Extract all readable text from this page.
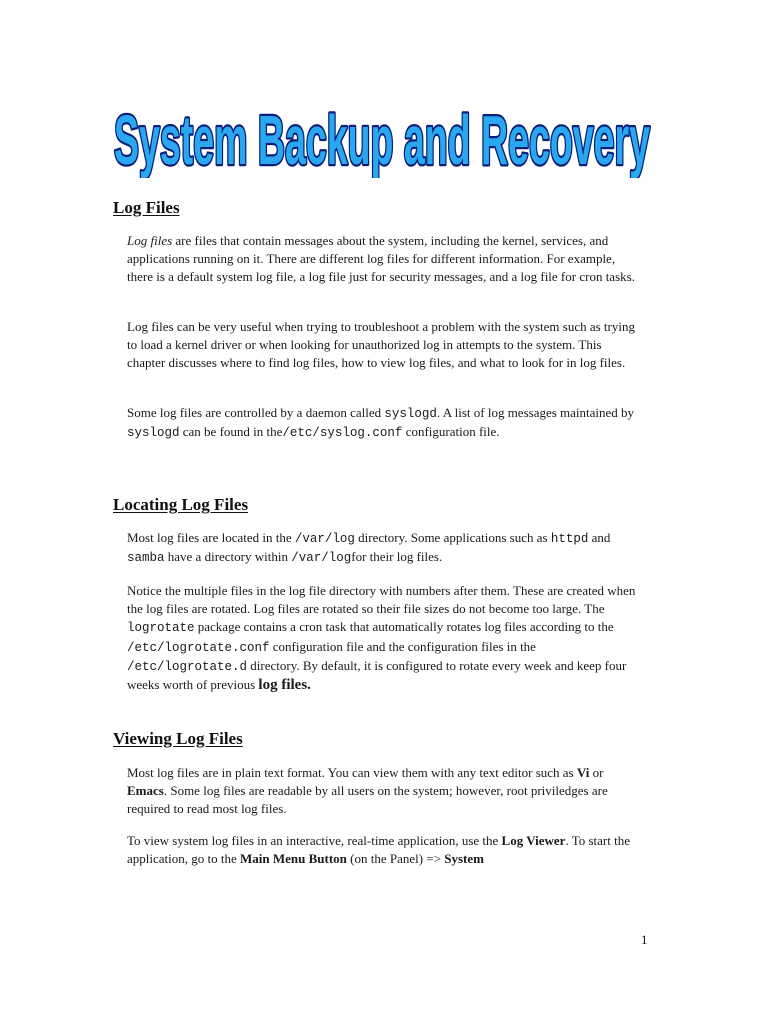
System Backup and Recovery
Log Files

Log files are files that contain messages about the system, including the kernel, services, and applications running on it. There are different log files for different information. For example, there is a default system log file, a log file just for security messages, and a log file for cron tasks.

Log files can be very useful when trying to troubleshoot a problem with the system such as trying to load a kernel driver or when looking for unauthorized log in attempts to the system. This chapter discusses where to find log files, how to view log files, and what to look for in log files.

Some log files are controlled by a daemon called syslogd. A list of log messages maintained by syslogd can be found in the/etc/syslog.conf configuration file.

Locating Log Files

Most log files are located in the /var/log directory. Some applications such as httpd and samba have a directory within /var/logfor their log files.

Notice the multiple files in the log file directory with numbers after them. These are created when the log files are rotated. Log files are rotated so their file sizes do not become too large. The logrotate package contains a cron task that automatically rotates log files according to the /etc/logrotate.conf configuration file and the configuration files in the /etc/logrotate.d directory. By default, it is configured to rotate every week and keep four weeks worth of previous log files.

Viewing Log Files

Most log files are in plain text format. You can view them with any text editor such as Vi or Emacs. Some log files are readable by all users on the system; however, root priviledges are required to read most log files.

To view system log files in an interactive, real-time application, use the Log Viewer. To start the application, go to the Main Menu Button (on the Panel) => System

1
